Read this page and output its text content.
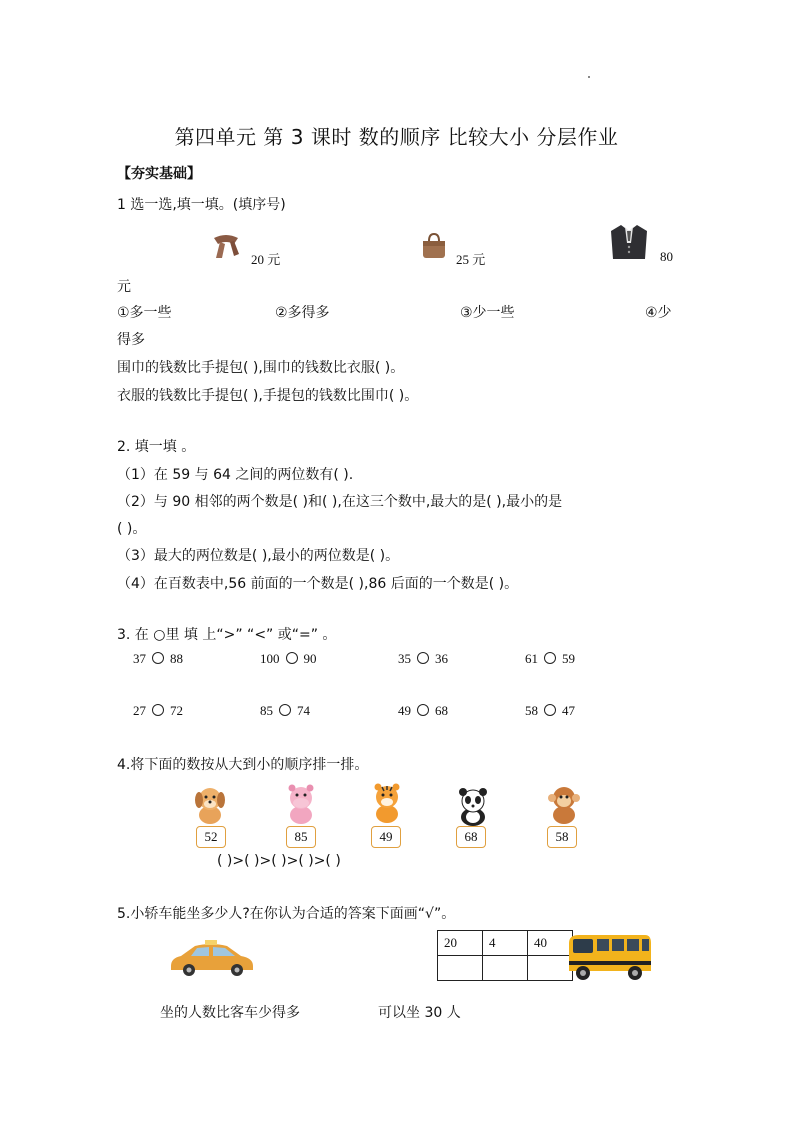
第四单元 第 3 课时 数的顺序 比较大小 分层作业
【夯实基础】
1 选一选,填一填。(填序号)
20 元	25 元	80
元
①多一些	②多得多	③少一些	④少
得多
围巾的钱数比手提包( ),围巾的钱数比衣服( )。
衣服的钱数比手提包( ),手提包的钱数比围巾( )。
2. 填一填 。
（1）在 59 与 64 之间的两位数有( ).
（2）与 90 相邻的两个数是( )和( ),在这三个数中,最大的是( ),最小的是
( )。
（3）最大的两位数是( ),最小的两位数是( )。
（4）在百数表中,56 前面的一个数是( ),86 后面的一个数是( )。
3. 在 ○里 填 上“>” “<” 或“=” 。
37 88	100 90	35 36	61 59
27 72	85 74	49 68	58 47
4.将下面的数按从大到小的顺序排一排。
52	85	49	68	58
( )>( )>( )>( )>( )
5.小轿车能坐多少人?在你认为合适的答案下面画“√”。
20	4	40

坐的人数比客车少得多	可以坐 30 人
